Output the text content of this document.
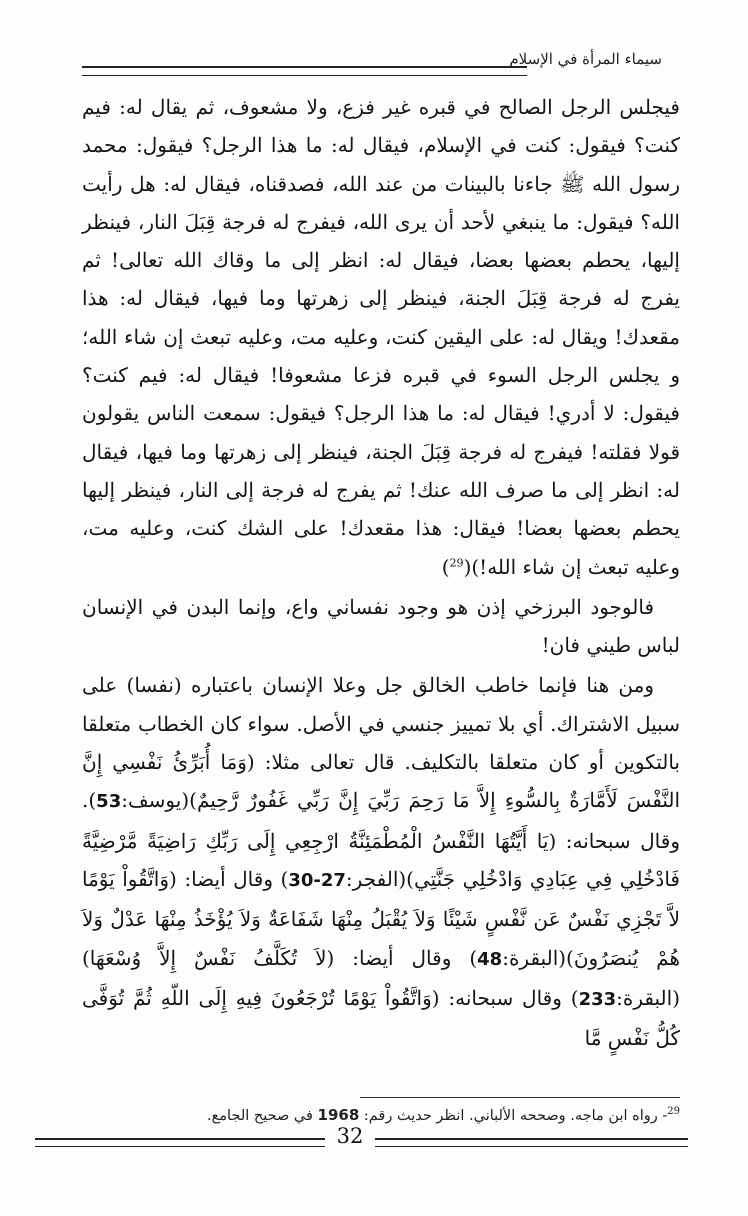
سيماء المرأة في الإسلام

فيجلس الرجل الصالح في قبره غير فزع، ولا مشعوف، ثم يقال له: فيم كنت؟ فيقول: كنت في الإسلام، فيقال له: ما هذا الرجل؟ فيقول: محمد رسول الله ﷺ جاءنا بالبينات من عند الله، فصدقناه، فيقال له: هل رأيت الله؟ فيقول: ما ينبغي لأحد أن يرى الله، فيفرج له فرجة قِبَلَ النار، فينظر إليها، يحطم بعضها بعضا، فيقال له: انظر إلى ما وقاك الله تعالى! ثم يفرج له فرجة قِبَلَ الجنة، فينظر إلى زهرتها وما فيها، فيقال له: هذا مقعدك! ويقال له: على اليقين كنت، وعليه مت، وعليه تبعث إن شاء الله؛ و يجلس الرجل السوء في قبره فزعا مشعوفا! فيقال له: فيم كنت؟ فيقول: لا أدري! فيقال له: ما هذا الرجل؟ فيقول: سمعت الناس يقولون قولا فقلته! فيفرج له فرجة قِبَلَ الجنة، فينظر إلى زهرتها وما فيها، فيقال له: انظر إلى ما صرف الله عنك! ثم يفرج له فرجة إلى النار، فينظر إليها يحطم بعضها بعضا! فيقال: هذا مقعدك! على الشك كنت، وعليه مت، وعليه تبعث إن شاء الله!)($^{29}$)

فالوجود البرزخي إذن هو وجود نفساني واع، وإنما البدن في الإنسان لباس طيني فان!

ومن هنا فإنما خاطب الخالق جل وعلا الإنسان باعتباره (نفسا) على سبيل الاشتراك. أي بلا تمييز جنسي في الأصل. سواء كان الخطاب متعلقا بالتكوين أو كان متعلقا بالتكليف. قال تعالى مثلا: (وَمَا أُبَرِّئُ نَفْسِي إِنَّ النَّفْسَ لَأَمَّارَةٌ بِالسُّوءِ إِلاَّ مَا رَحِمَ رَبِّيَ إِنَّ رَبِّي غَفُورٌ رَّحِيمٌ)(يوسف:53). وقال سبحانه: (يَا أَيَّتُهَا النَّفْسُ الْمُطْمَئِنَّةُ ارْجِعِي إِلَى رَبِّكِ رَاضِيَةً مَّرْضِيَّةً فَادْخُلِي فِي عِبَادِي وَادْخُلِي جَنَّتِي)(الفجر:27-30) وقال أيضا: (وَاتَّقُواْ يَوْمًا لاَّ تَجْزِي نَفْسٌ عَن نَّفْسٍ شَيْئًا وَلاَ يُقْبَلُ مِنْهَا شَفَاعَةٌ وَلاَ يُؤْخَذُ مِنْهَا عَدْلٌ وَلاَ هُمْ يُنصَرُونَ)(البقرة:48) وقال أيضا: (لاَ تُكَلَّفُ نَفْسٌ إِلاَّ وُسْعَهَا)(البقرة:233) وقال سبحانه: (وَاتَّقُواْ يَوْمًا تُرْجَعُونَ فِيهِ إِلَى اللّهِ ثُمَّ تُوَفَّى كُلُّ نَفْسٍ مَّا

$^{29}$- رواه ابن ماجه. وصححه الألباني. انظر حديث رقم: 1968 في صحيح الجامع.
32
